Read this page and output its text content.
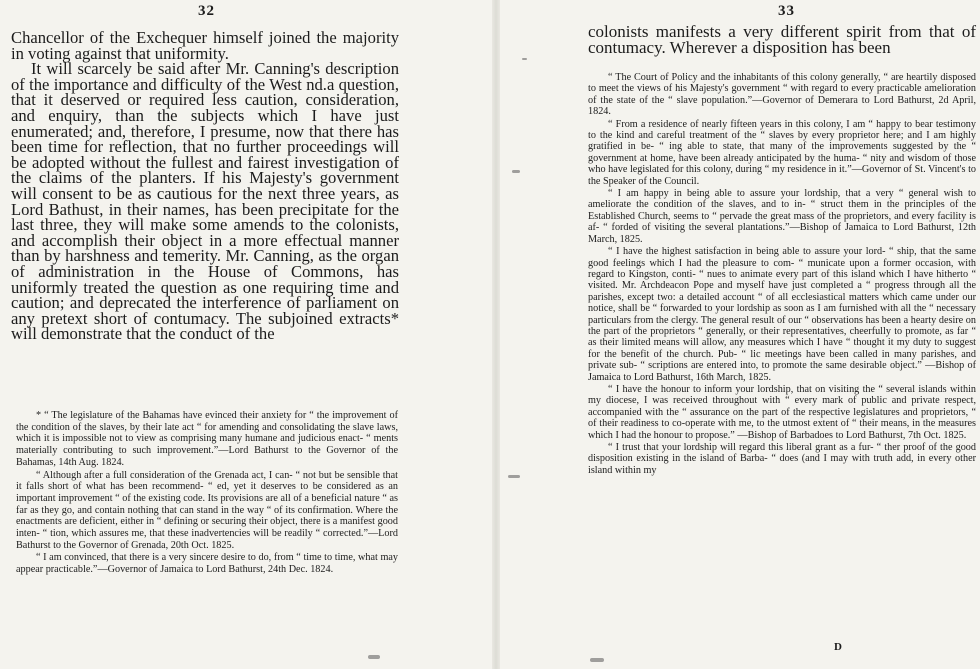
32

Chancellor of the Exchequer himself joined the majority in voting against that uniformity.

It will scarcely be said after Mr. Canning's description of the importance and difficulty of the West nd.a question, that it deserved or required less caution, consideration, and enquiry, than the subjects which I have just enumerated; and, therefore, I presume, now that there has been time for reflection, that no further proceedings will be adopted without the fullest and fairest investigation of the claims of the planters. If his Majesty's government will consent to be as cautious for the next three years, as Lord Bathust, in their names, has been precipitate for the last three, they will make some amends to the colonists, and accomplish their object in a more effectual manner than by harshness and temerity. Mr. Canning, as the organ of administration in the House of Commons, has uniformly treated the question as one requiring time and caution; and deprecated the interference of parliament on any pretext short of contumacy. The subjoined extracts* will demonstrate that the conduct of the

* “ The legislature of the Bahamas have evinced their anxiety for “ the improvement of the condition of the slaves, by their late act “ for amending and consolidating the slave laws, which it is impossible not to view as comprising many humane and judicious enact- “ ments materially contributing to such improvement.”—Lord Bathurst to the Governor of the Bahamas, 14th Aug. 1824.

“ Although after a full consideration of the Grenada act, I can- “ not but be sensible that it falls short of what has been recommend- “ ed, yet it deserves to be considered as an important improvement “ of the existing code. Its provisions are all of a beneficial nature “ as far as they go, and contain nothing that can stand in the way “ of its confirmation. Where the enactments are deficient, either in “ defining or securing their object, there is a manifest good inten- “ tion, which assures me, that these inadvertencies will be readily “ corrected.”—Lord Bathurst to the Governor of Grenada, 20th Oct. 1825.

“ I am convinced, that there is a very sincere desire to do, from “ time to time, what may appear practicable.”—Governor of Jamaica to Lord Bathurst, 24th Dec. 1824.

33

colonists manifests a very different spirit from that of contumacy. Wherever a disposition has been

“ The Court of Policy and the inhabitants of this colony generally, “ are heartily disposed to meet the views of his Majesty's government “ with regard to every practicable amelioration of the state of the “ slave population.”—Governor of Demerara to Lord Bathurst, 2d April, 1824.

“ From a residence of nearly fifteen years in this colony, I am “ happy to bear testimony to the kind and careful treatment of the “ slaves by every proprietor here; and I am highly gratified in be- “ ing able to state, that many of the improvements suggested by the “ government at home, have been already anticipated by the huma- “ nity and wisdom of those who have legislated for this colony, during “ my residence in it.”—Governor of St. Vincent's to the Speaker of the Council.

“ I am happy in being able to assure your lordship, that a very “ general wish to ameliorate the condition of the slaves, and to in- “ struct them in the principles of the Established Church, seems to “ pervade the great mass of the proprietors, and every facility is af- “ forded of visiting the several plantations.”—Bishop of Jamaica to Lord Bathurst, 12th March, 1825.

“ I have the highest satisfaction in being able to assure your lord- “ ship, that the same good feelings which I had the pleasure to com- “ municate upon a former occasion, with regard to Kingston, conti- “ nues to animate every part of this island which I have hitherto “ visited. Mr. Archdeacon Pope and myself have just completed a “ progress through all the parishes, except two: a detailed account “ of all ecclesiastical matters which came under our notice, shall be “ forwarded to your lordship as soon as I am furnished with all the “ necessary particulars from the clergy. The general result of our “ observations has been a hearty desire on the part of the proprietors “ generally, or their representatives, cheerfully to promote, as far “ as their limited means will allow, any measures which I have “ thought it my duty to suggest for the benefit of the church. Pub- “ lic meetings have been called in many parishes, and private sub- “ scriptions are entered into, to promote the same desirable object.” —Bishop of Jamaica to Lord Bathurst, 16th March, 1825.

“ I have the honour to inform your lordship, that on visiting the “ several islands within my diocese, I was received throughout with “ every mark of public and private respect, accompanied with the “ assurance on the part of the respective legislatures and proprietors, “ of their readiness to co-operate with me, to the utmost extent of “ their means, in the measures which I had the honour to propose.” —Bishop of Barbadoes to Lord Bathurst, 7th Oct. 1825.

“ I trust that your lordship will regard this liberal grant as a fur- “ ther proof of the good disposition existing in the island of Barba- “ does (and I may with truth add, in every other island within my

D
